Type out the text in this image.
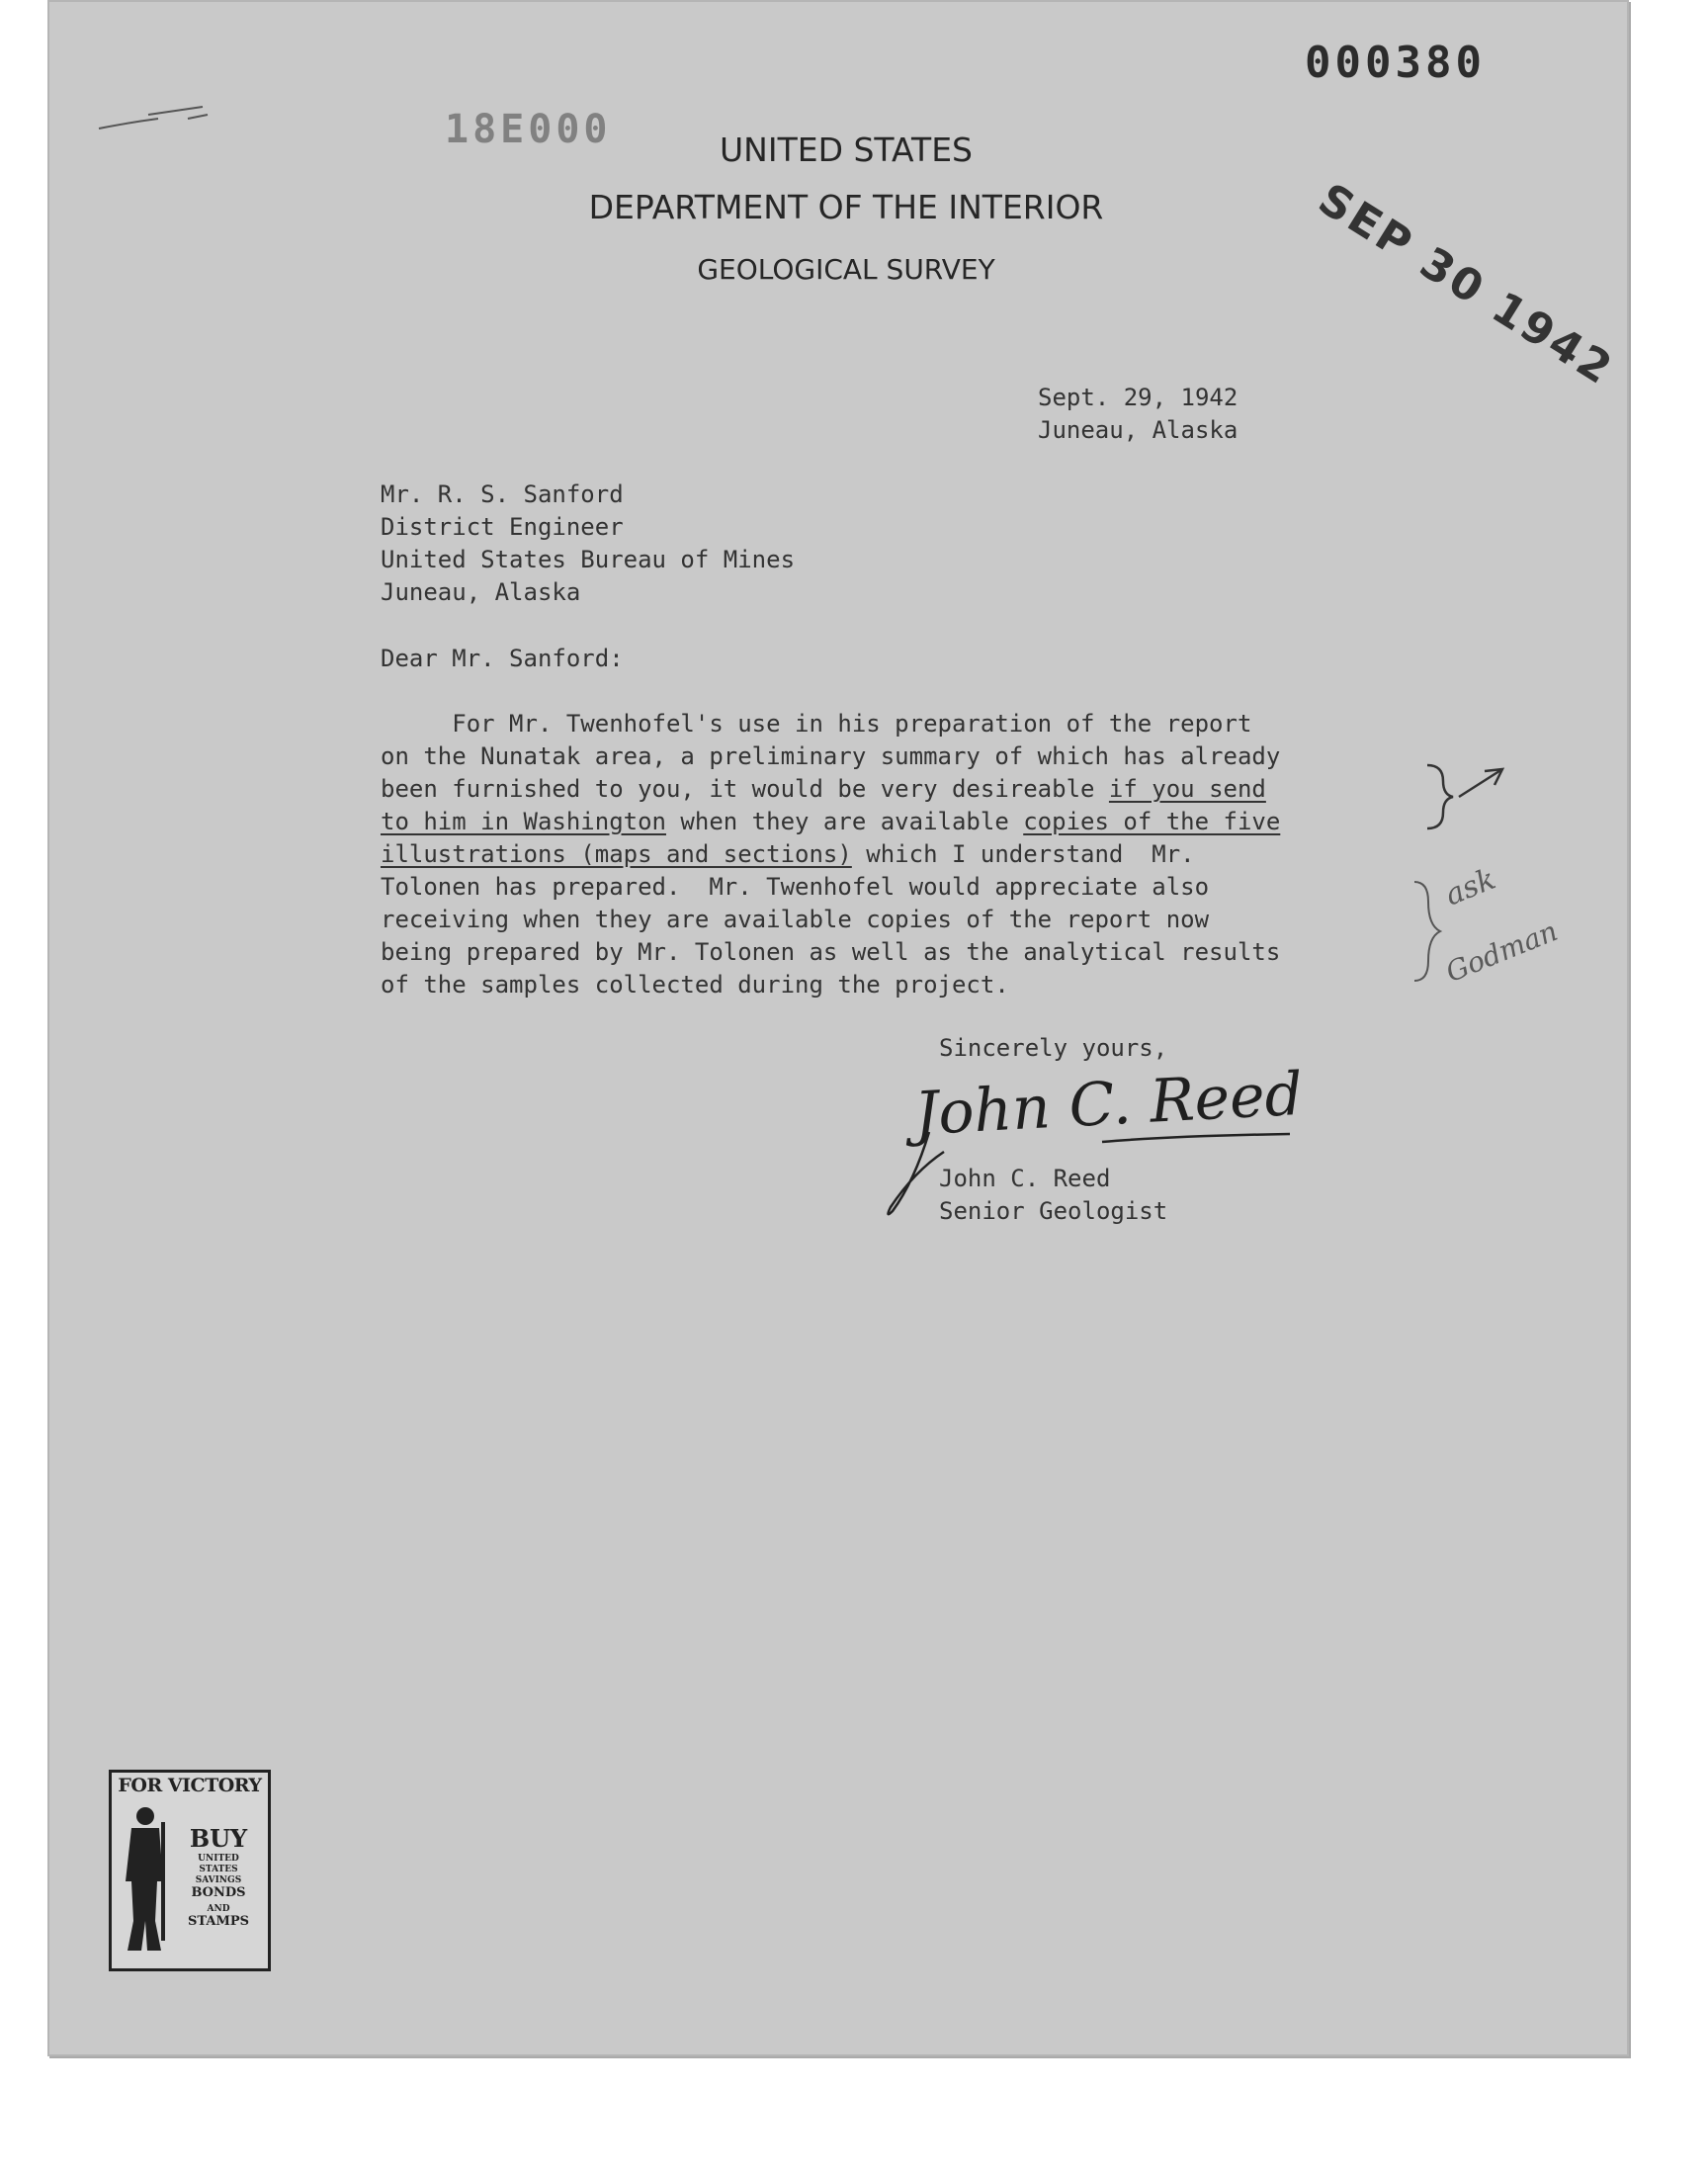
000380
18E000	UNITED STATES
DEPARTMENT OF THE INTERIOR
GEOLOGICAL SURVEY	SEP 30 1942
Sept. 29, 1942
Juneau, Alaska
Mr. R. S. Sanford
District Engineer
United States Bureau of Mines
Juneau, Alaska
Dear Mr. Sanford:
For Mr. Twenhofel's use in his preparation of the report
on the Nunatak area, a preliminary summary of which has already
been furnished to you, it would be very desireable if you send
to him in Washington when they are available copies of the five
illustrations (maps and sections) which I understand  Mr.
Tolonen has prepared.  Mr. Twenhofel would appreciate also
receiving when they are available copies of the report now
being prepared by Mr. Tolonen as well as the analytical results
of the samples collected during the project.
ask
Godman
Sincerely yours,
John C. Reed
John C. Reed
Senior Geologist
FOR VICTORY
BUY
UNITED
STATES
SAVINGS
BONDS
AND
STAMPS
